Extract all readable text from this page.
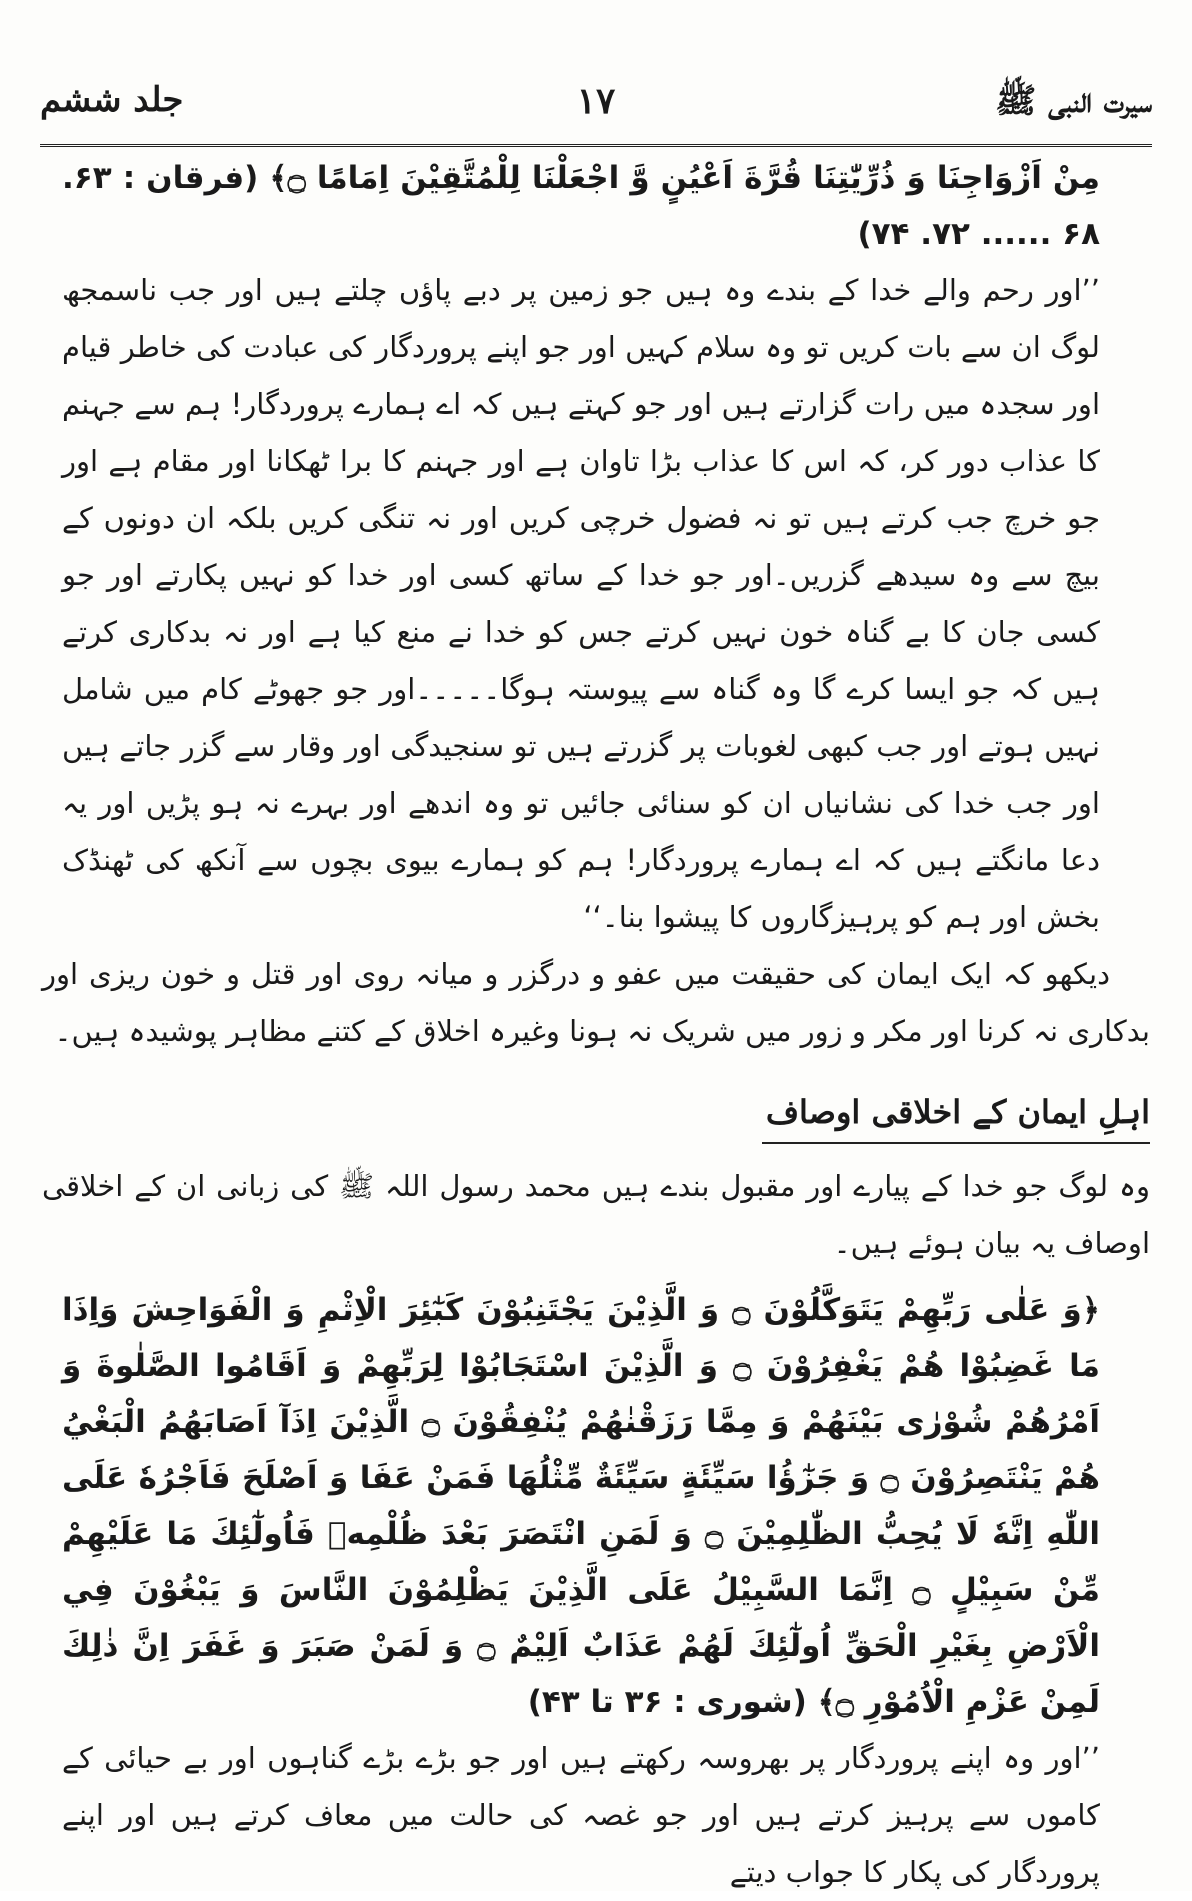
سیرت النبی ﷺ
۱۷
جلد ششم

مِنْ اَزْوَاجِنَا وَ ذُرِّيّٰتِنَا قُرَّةَ اَعْيُنٍ وَّ اجْعَلْنَا لِلْمُتَّقِيْنَ اِمَامًا ۝﴾ (فرقان : ۶۳. ۶۸ ...... ۷۲. ۷۴)

’’اور رحم والے خدا کے بندے وہ ہیں جو زمین پر دبے پاؤں چلتے ہیں اور جب ناسمجھ لوگ ان سے بات کریں تو وہ سلام کہیں اور جو اپنے پروردگار کی عبادت کی خاطر قیام اور سجدہ میں رات گزارتے ہیں اور جو کہتے ہیں کہ اے ہمارے پروردگار! ہم سے جہنم کا عذاب دور کر، کہ اس کا عذاب بڑا تاوان ہے اور جہنم کا برا ٹھکانا اور مقام ہے اور جو خرچ جب کرتے ہیں تو نہ فضول خرچی کریں اور نہ تنگی کریں بلکہ ان دونوں کے بیچ سے وہ سیدھے گزریں۔اور جو خدا کے ساتھ کسی اور خدا کو نہیں پکارتے اور جو کسی جان کا بے گناہ خون نہیں کرتے جس کو خدا نے منع کیا ہے اور نہ بدکاری کرتے ہیں کہ جو ایسا کرے گا وہ گناہ سے پیوستہ ہوگا۔۔۔۔۔اور جو جھوٹے کام میں شامل نہیں ہوتے اور جب کبھی لغوبات پر گزرتے ہیں تو سنجیدگی اور وقار سے گزر جاتے ہیں اور جب خدا کی نشانیاں ان کو سنائی جائیں تو وہ اندھے اور بہرے نہ ہو پڑیں اور یہ دعا مانگتے ہیں کہ اے ہمارے پروردگار! ہم کو ہمارے بیوی بچوں سے آنکھ کی ٹھنڈک بخش اور ہم کو پرہیزگاروں کا پیشوا بنا۔‘‘

دیکھو کہ ایک ایمان کی حقیقت میں عفو و درگزر و میانہ روی اور قتل و خون ریزی اور بدکاری نہ کرنا اور مکر و زور میں شریک نہ ہونا وغیرہ اخلاق کے کتنے مظاہر پوشیدہ ہیں۔

اہلِ ایمان کے اخلاقی اوصاف

وہ لوگ جو خدا کے پیارے اور مقبول بندے ہیں محمد رسول اللہ ﷺ کی زبانی ان کے اخلاقی اوصاف یہ بیان ہوئے ہیں۔

﴿وَ عَلٰى رَبِّهِمْ يَتَوَكَّلُوْنَ ۝ وَ الَّذِيْنَ يَجْتَنِبُوْنَ كَبٰٓئِرَ الْاِثْمِ وَ الْفَوَاحِشَ وَاِذَا مَا غَضِبُوْا هُمْ يَغْفِرُوْنَ ۝ وَ الَّذِيْنَ اسْتَجَابُوْا لِرَبِّهِمْ وَ اَقَامُوا الصَّلٰوةَ وَ اَمْرُهُمْ شُوْرٰى بَيْنَهُمْ وَ مِمَّا رَزَقْنٰهُمْ يُنْفِقُوْنَ ۝ الَّذِيْنَ اِذَآ اَصَابَهُمُ الْبَغْيُ هُمْ يَنْتَصِرُوْنَ ۝ وَ جَزٰٓؤُا سَيِّئَةٍ سَيِّئَةٌ مِّثْلُهَا فَمَنْ عَفَا وَ اَصْلَحَ فَاَجْرُهٗ عَلَى اللّٰهِ اِنَّهٗ لَا يُحِبُّ الظّٰلِمِيْنَ ۝ وَ لَمَنِ انْتَصَرَ بَعْدَ ظُلْمِهٖ فَاُولٰٓئِكَ مَا عَلَيْهِمْ مِّنْ سَبِيْلٍ ۝ اِنَّمَا السَّبِيْلُ عَلَى الَّذِيْنَ يَظْلِمُوْنَ النَّاسَ وَ يَبْغُوْنَ فِي الْاَرْضِ بِغَيْرِ الْحَقِّ اُولٰٓئِكَ لَهُمْ عَذَابٌ اَلِيْمٌ ۝ وَ لَمَنْ صَبَرَ وَ غَفَرَ اِنَّ ذٰلِكَ لَمِنْ عَزْمِ الْاُمُوْرِ ۝﴾ (شوری : ۳۶ تا ۴۳)

’’اور وہ اپنے پروردگار پر بھروسہ رکھتے ہیں اور جو بڑے بڑے گناہوں اور بے حیائی کے کاموں سے پرہیز کرتے ہیں اور جو غصہ کی حالت میں معاف کرتے ہیں اور اپنے پروردگار کی پکار کا جواب دیتے
